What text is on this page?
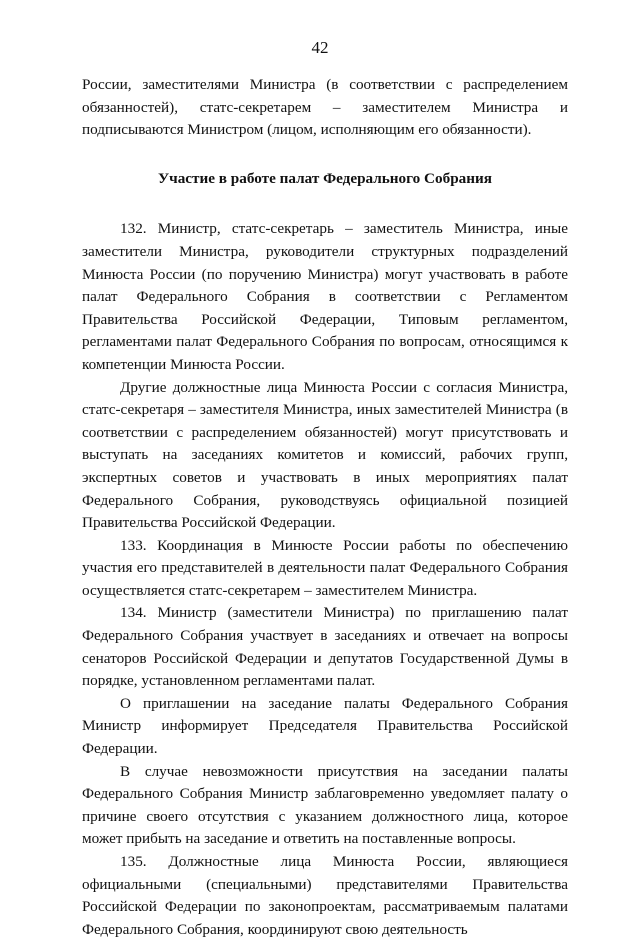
42

России, заместителями Министра (в соответствии с распределением обязанностей), статс-секретарем – заместителем Министра и подписываются Министром (лицом, исполняющим его обязанности).

Участие в работе палат Федерального Собрания

132. Министр, статс-секретарь – заместитель Министра, иные заместители Министра, руководители структурных подразделений Минюста России (по поручению Министра) могут участвовать в работе палат Федерального Собрания в соответствии с Регламентом Правительства Российской Федерации, Типовым регламентом, регламентами палат Федерального Собрания по вопросам, относящимся к компетенции Минюста России.

Другие должностные лица Минюста России с согласия Министра, статс-секретаря – заместителя Министра, иных заместителей Министра (в соответствии с распределением обязанностей) могут присутствовать и выступать на заседаниях комитетов и комиссий, рабочих групп, экспертных советов и участвовать в иных мероприятиях палат Федерального Собрания, руководствуясь официальной позицией Правительства Российской Федерации.

133. Координация в Минюсте России работы по обеспечению участия его представителей в деятельности палат Федерального Собрания осуществляется статс-секретарем – заместителем Министра.

134. Министр (заместители Министра) по приглашению палат Федерального Собрания участвует в заседаниях и отвечает на вопросы сенаторов Российской Федерации и депутатов Государственной Думы в порядке, установленном регламентами палат.

О приглашении на заседание палаты Федерального Собрания Министр информирует Председателя Правительства Российской Федерации.

В случае невозможности присутствия на заседании палаты Федерального Собрания Министр заблаговременно уведомляет палату о причине своего отсутствия с указанием должностного лица, которое может прибыть на заседание и ответить на поставленные вопросы.

135. Должностные лица Минюста России, являющиеся официальными (специальными) представителями Правительства Российской Федерации по законопроектам, рассматриваемым палатами Федерального Собрания, координируют свою деятельность
